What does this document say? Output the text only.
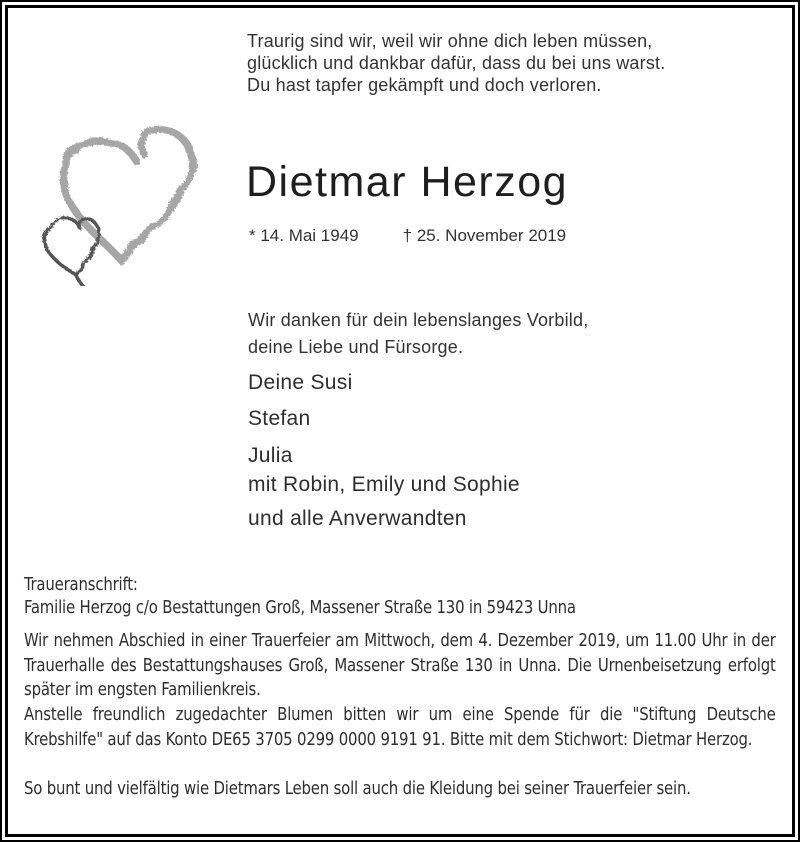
Traurig sind wir, weil wir ohne dich leben müssen,
glücklich und dankbar dafür, dass du bei uns warst.
Du hast tapfer gekämpft und doch verloren.
Dietmar Herzog
* 14. Mai 1949	† 25. November 2019
Wir danken für dein lebenslanges Vorbild,
deine Liebe und Fürsorge.
Deine Susi
Stefan
Julia
mit Robin, Emily und Sophie
und alle Anverwandten
Traueranschrift:
Familie Herzog c/o Bestattungen Groß, Massener Straße 130 in 59423 Unna
Wir nehmen Abschied in einer Trauerfeier am Mittwoch, dem 4. Dezember 2019, um 11.00 Uhr in der Trauerhalle des Bestattungshauses Groß, Massener Straße 130 in Unna. Die Urnenbeisetzung erfolgt später im engsten Familienkreis.
Anstelle freundlich zugedachter Blumen bitten wir um eine Spende für die "Stiftung Deutsche Krebshilfe" auf das Konto DE65 3705 0299 0000 9191 91. Bitte mit dem Stichwort: Dietmar Herzog.
So bunt und vielfältig wie Dietmars Leben soll auch die Kleidung bei seiner Trauerfeier sein.
